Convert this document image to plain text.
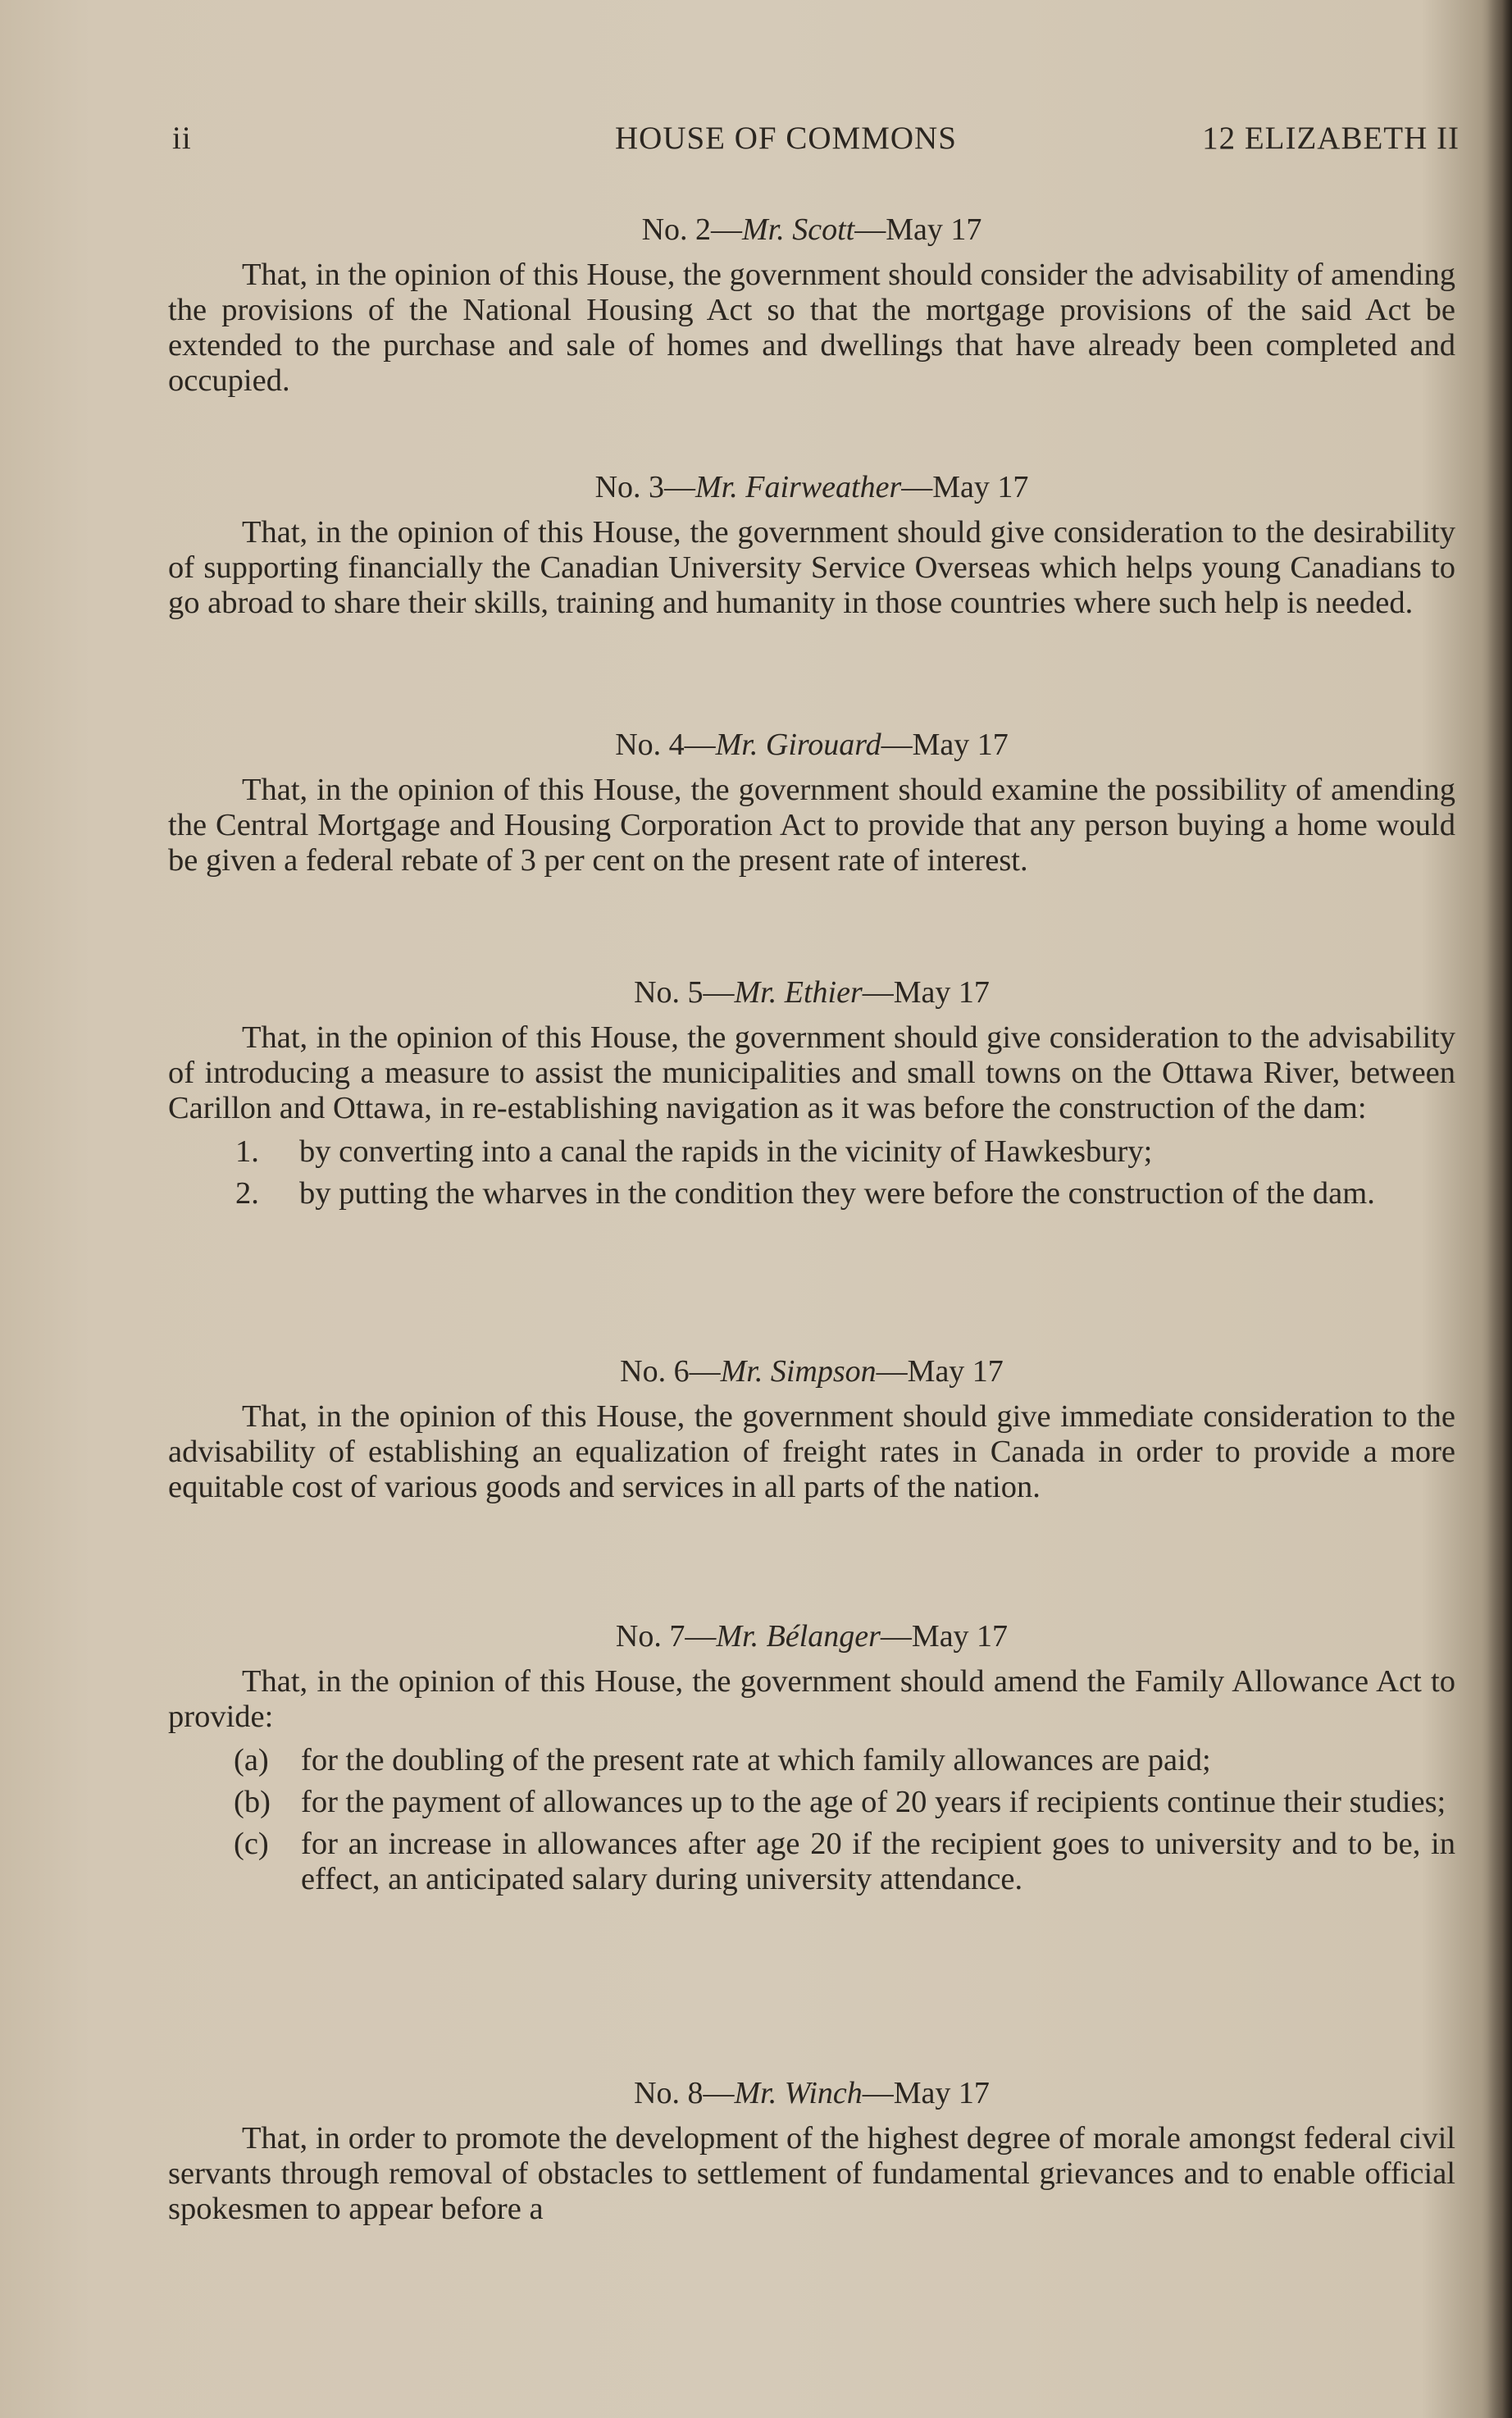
ii	HOUSE OF COMMONS	12 ELIZABETH II
No. 2—Mr. Scott—May 17

That, in the opinion of this House, the government should consider the advisability of amending the provisions of the National Housing Act so that the mortgage provisions of the said Act be extended to the purchase and sale of homes and dwellings that have already been completed and occupied.

No. 3—Mr. Fairweather—May 17

That, in the opinion of this House, the government should give consideration to the desirability of supporting financially the Canadian University Service Overseas which helps young Canadians to go abroad to share their skills, training and humanity in those countries where such help is needed.

No. 4—Mr. Girouard—May 17

That, in the opinion of this House, the government should examine the possibility of amending the Central Mortgage and Housing Corporation Act to provide that any person buying a home would be given a federal rebate of 3 per cent on the present rate of interest.

No. 5—Mr. Ethier—May 17

That, in the opinion of this House, the government should give consideration to the advisability of introducing a measure to assist the municipalities and small towns on the Ottawa River, between Carillon and Ottawa, in re-establishing navigation as it was before the construction of the dam:

1. by converting into a canal the rapids in the vicinity of Hawkesbury;
2. by putting the wharves in the condition they were before the construction of the dam.
No. 6—Mr. Simpson—May 17

That, in the opinion of this House, the government should give immediate consideration to the advisability of establishing an equalization of freight rates in Canada in order to provide a more equitable cost of various goods and services in all parts of the nation.

No. 7—Mr. Bélanger—May 17

That, in the opinion of this House, the government should amend the Family Allowance Act to provide:

(a) for the doubling of the present rate at which family allowances are paid;
(b) for the payment of allowances up to the age of 20 years if recipients continue their studies;
(c) for an increase in allowances after age 20 if the recipient goes to university and to be, in effect, an anticipated salary during university attendance.
No. 8—Mr. Winch—May 17

That, in order to promote the development of the highest degree of morale amongst federal civil servants through removal of obstacles to settlement of fundamental grievances and to enable official spokesmen to appear before a
